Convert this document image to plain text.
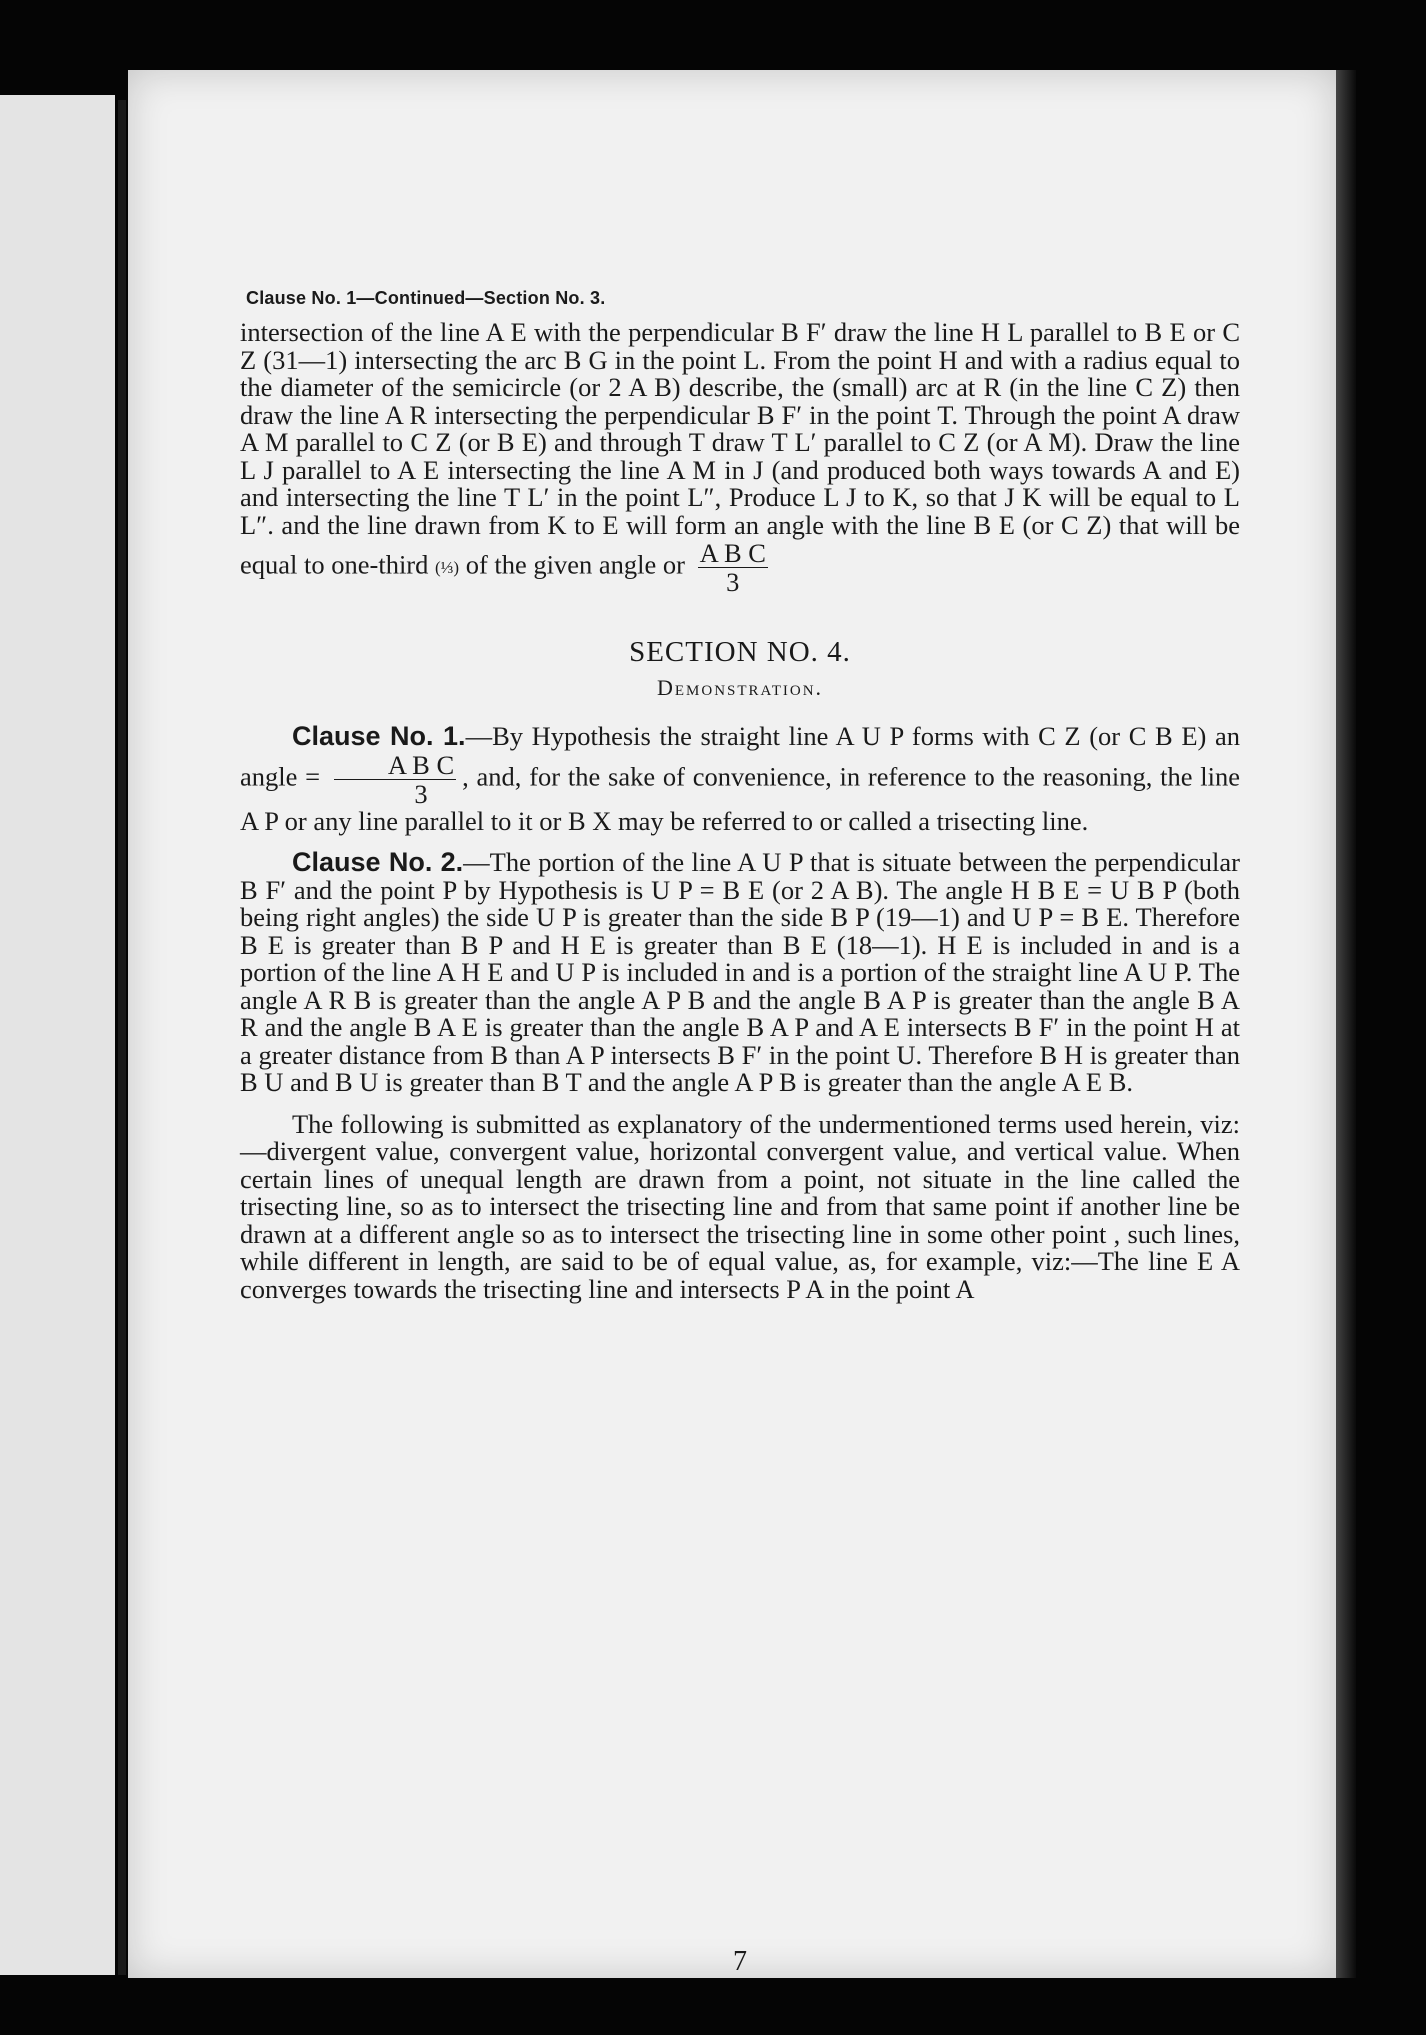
Clause No. 1—Continued—Section No. 3.

intersection of the line A E with the perpendicular B F′ draw the line H L parallel to B E or C Z (31—1) intersecting the arc B G in the point L. From the point H and with a radius equal to the diameter of the semicircle (or 2 A B) describe, the (small) arc at R (in the line C Z) then draw the line A R intersecting the perpendicular B F′ in the point T. Through the point A draw A M parallel to C Z (or B E) and through T draw T L′ parallel to C Z (or A M). Draw the line L J parallel to A E intersecting the line A M in J (and produced both ways towards A and E) and intersecting the line T L′ in the point L″, Produce L J to K, so that J K will be equal to L L″. and the line drawn from K to E will form an angle with the line B E (or C Z) that will be equal to one-third (⅓) of the given angle or $\frac{\text{A B C}}{3}$

SECTION NO. 4.
Demonstration.

Clause No. 1.—By Hypothesis the straight line A U P forms with C Z (or C B E) an angle = $\frac{\text{A B C}}{3}$ , and, for the sake of convenience, in reference to the reasoning, the line A P or any line parallel to it or B X may be referred to or called a trisecting line.

Clause No. 2.—The portion of the line A U P that is situate between the perpendicular B F′ and the point P by Hypothesis is U P = B E (or 2 A B). The angle H B E = U B P (both being right angles) the side U P is greater than the side B P (19—1) and U P = B E. Therefore B E is greater than B P and H E is greater than B E (18—1). H E is included in and is a portion of the line A H E and U P is included in and is a portion of the straight line A U P. The angle A R B is greater than the angle A P B and the angle B A P is greater than the angle B A R and the angle B A E is greater than the angle B A P and A E intersects B F′ in the point H at a greater distance from B than A P intersects B F′ in the point U. Therefore B H is greater than B U and B U is greater than B T and the angle A P B is greater than the angle A E B.

The following is submitted as explanatory of the undermentioned terms used herein, viz:—divergent value, convergent value, horizontal convergent value, and vertical value. When certain lines of unequal length are drawn from a point, not situate in the line called the trisecting line, so as to intersect the trisecting line and from that same point if another line be drawn at a different angle so as to intersect the trisecting line in some other point , such lines, while different in length, are said to be of equal value, as, for example, viz:—The line E A converges towards the trisecting line and intersects P A in the point A

7
